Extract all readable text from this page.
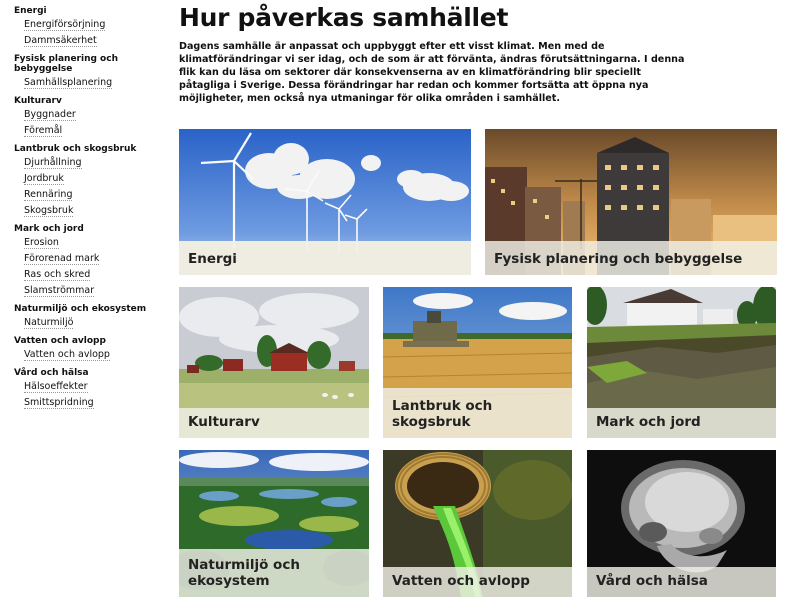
Energi
Energiförsörjning
Dammsäkerhet
Fysisk planering och bebyggelse
Samhällsplanering
Kulturarv
Byggnader
Föremål
Lantbruk och skogsbruk
Djurhållning
Jordbruk
Rennäring
Skogsbruk
Mark och jord
Erosion
Förorenad mark
Ras och skred
Slamströmmar
Naturmiljö och ekosystem
Naturmiljö
Vatten och avlopp
Vatten och avlopp
Vård och hälsa
Hälsoeffekter
Smittspridning
Hur påverkas samhället

Dagens samhälle är anpassat och uppbyggt efter ett visst klimat. Men med de klimatförändringar vi ser idag, och de som är att förvänta, ändras förutsättningarna. I denna flik kan du läsa om sektorer där konsekvenserna av en klimatförändring blir speciellt påtagliga i Sverige. Dessa förändringar har redan och kommer fortsätta att öppna nya möjligheter, men också nya utmaningar för olika områden i samhället.

Energi	Fysisk planering och bebyggelse
Kulturarv
Lantbruk och skogsbruk	Mark och jord
Naturmiljö och ekosystem	Vatten och avlopp	Vård och hälsa
